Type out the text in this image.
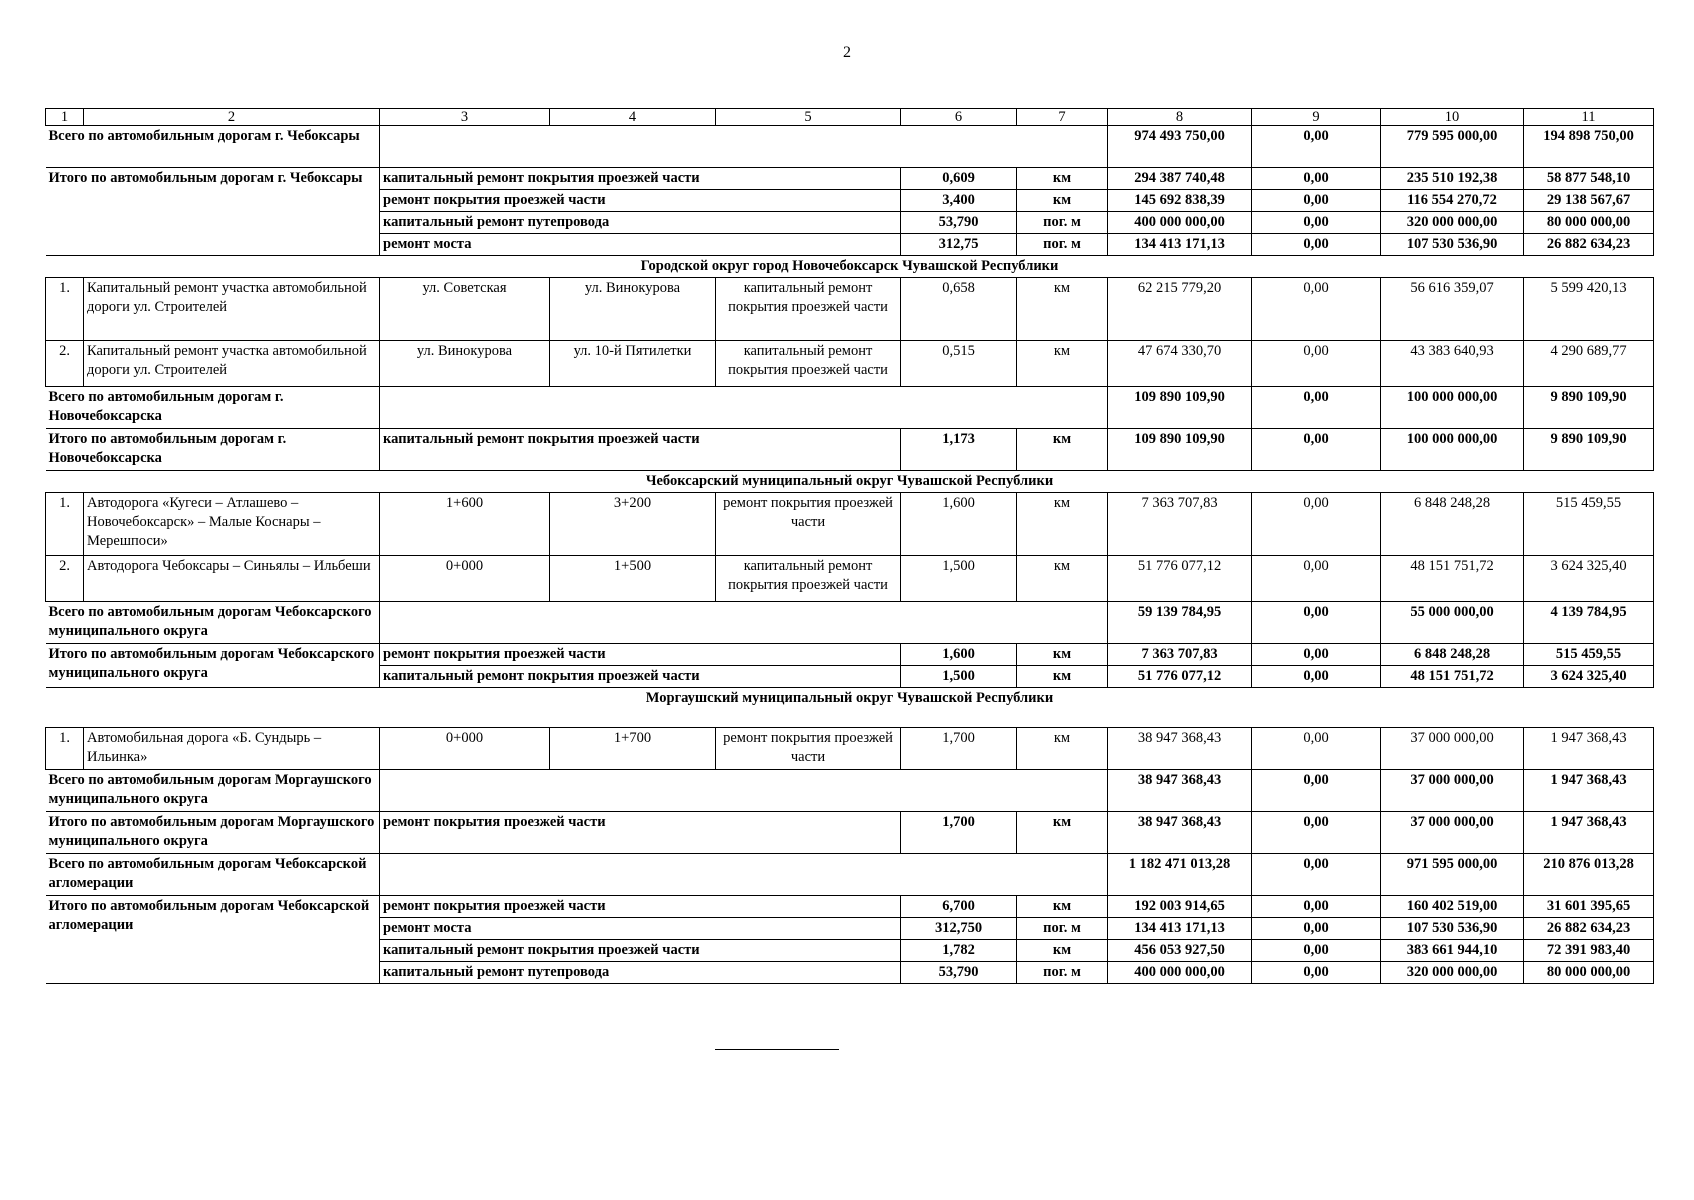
2
1	2	3	4	5	6	7	8	9	10	11
Всего по автомобильным дорогам г. Чебоксары							974 493 750,00	0,00	779 595 000,00	194 898 750,00
Итого по автомобильным дорогам г. Чебоксары		капитальный ремонт покрытия проезжей части			0,609	км	294 387 740,48	0,00	235 510 192,38	58 877 548,10
		ремонт покрытия проезжей части			3,400	км	145 692 838,39	0,00	116 554 270,72	29 138 567,67
		капитальный ремонт путепровода			53,790	пог. м	400 000 000,00	0,00	320 000 000,00	80 000 000,00
		ремонт моста			312,75	пог. м	134 413 171,13	0,00	107 530 536,90	26 882 634,23
Городской округ город Новочебоксарск Чувашской Республики										
1.	Капитальный ремонт участка автомобильной дороги ул. Строителей	ул. Советская	ул. Винокурова	капитальный ремонт покрытия проезжей части	0,658	км	62 215 779,20	0,00	56 616 359,07	5 599 420,13
2.	Капитальный ремонт участка автомобильной дороги ул. Строителей	ул. Винокурова	ул. 10-й Пятилетки	капитальный ремонт покрытия проезжей части	0,515	км	47 674 330,70	0,00	43 383 640,93	4 290 689,77
Всего по автомобильным дорогам г. Новочебоксарска							109 890 109,90	0,00	100 000 000,00	9 890 109,90
Итого по автомобильным дорогам г. Новочебоксарска		капитальный ремонт покрытия проезжей части			1,173	км	109 890 109,90	0,00	100 000 000,00	9 890 109,90
Чебоксарский муниципальный округ Чувашской Республики										
1.	Автодорога «Кугеси – Атлашево – Новочебоксарск» – Малые Коснары – Мерешпоси»	1+600	3+200	ремонт покрытия проезжей части	1,600	км	7 363 707,83	0,00	6 848 248,28	515 459,55
2.	Автодорога Чебоксары – Синьялы – Ильбеши	0+000	1+500	капитальный ремонт покрытия проезжей части	1,500	км	51 776 077,12	0,00	48 151 751,72	3 624 325,40
Всего по автомобильным дорогам Чебоксарского муниципального округа							59 139 784,95	0,00	55 000 000,00	4 139 784,95
Итого по автомобильным дорогам Чебоксарского муниципального округа		ремонт покрытия проезжей части			1,600	км	7 363 707,83	0,00	6 848 248,28	515 459,55
		капитальный ремонт покрытия проезжей части			1,500	км	51 776 077,12	0,00	48 151 751,72	3 624 325,40
Моргаушский муниципальный округ Чувашской Республики										
1.	Автомобильная дорога «Б. Сундырь – Ильинка»	0+000	1+700	ремонт покрытия проезжей части	1,700	км	38 947 368,43	0,00	37 000 000,00	1 947 368,43
Всего по автомобильным дорогам Моргаушского муниципального округа							38 947 368,43	0,00	37 000 000,00	1 947 368,43
Итого по автомобильным дорогам Моргаушского муниципального округа		ремонт покрытия проезжей части			1,700	км	38 947 368,43	0,00	37 000 000,00	1 947 368,43
Всего по автомобильным дорогам Чебоксарской агломерации							1 182 471 013,28	0,00	971 595 000,00	210 876 013,28
Итого по автомобильным дорогам Чебоксарской агломерации		ремонт покрытия проезжей части			6,700	км	192 003 914,65	0,00	160 402 519,00	31 601 395,65
		ремонт моста			312,750	пог. м	134 413 171,13	0,00	107 530 536,90	26 882 634,23
		капитальный ремонт покрытия проезжей части			1,782	км	456 053 927,50	0,00	383 661 944,10	72 391 983,40
		капитальный ремонт путепровода			53,790	пог. м	400 000 000,00	0,00	320 000 000,00	80 000 000,00
